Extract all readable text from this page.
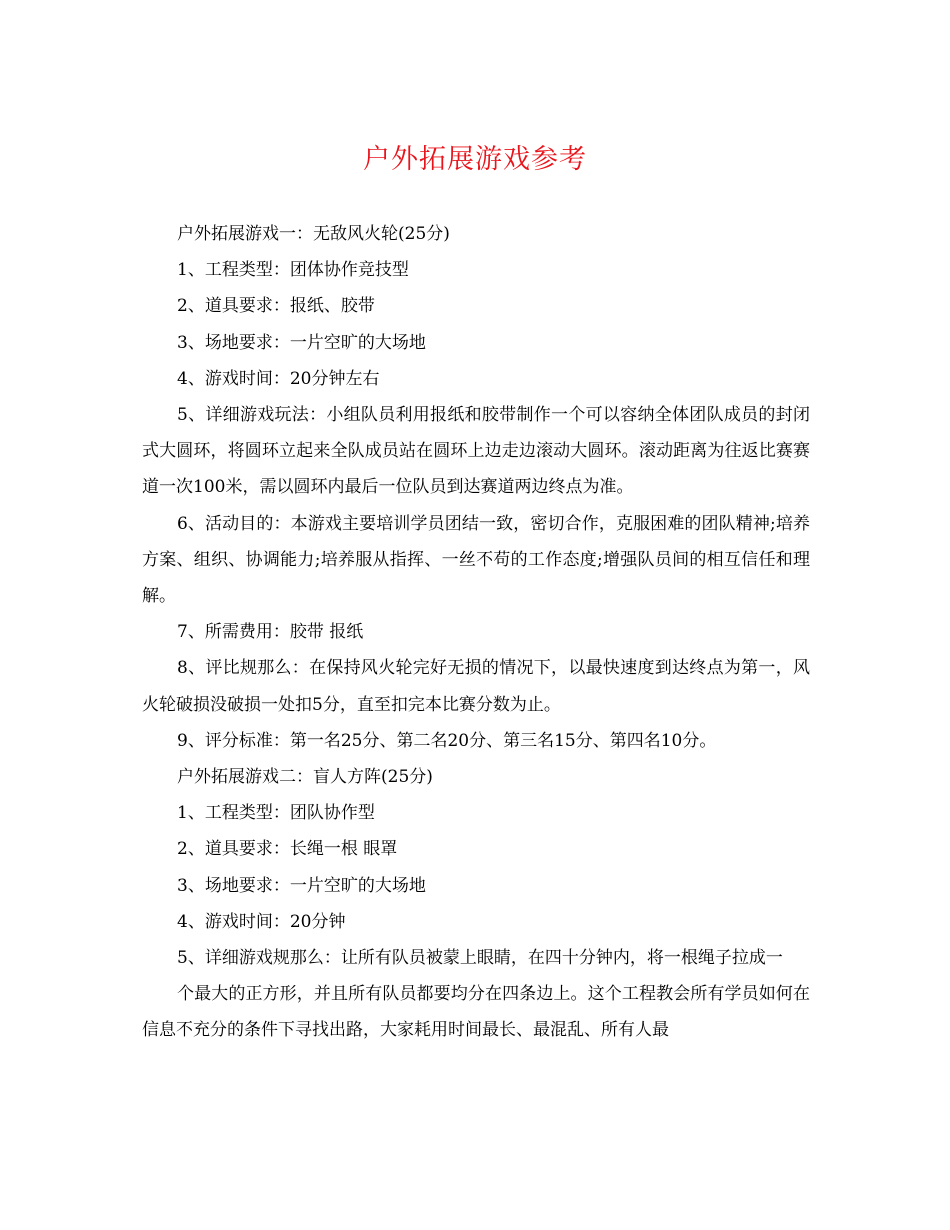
户外拓展游戏参考

户外拓展游戏一：无敌风火轮(25分)

1、工程类型：团体协作竞技型

2、道具要求：报纸、胶带

3、场地要求：一片空旷的大场地

4、游戏时间：20分钟左右

5、详细游戏玩法：小组队员利用报纸和胶带制作一个可以容纳全体团队成员的封闭式大圆环，将圆环立起来全队成员站在圆环上边走边滚动大圆环。滚动距离为往返比赛赛道一次100米，需以圆环内最后一位队员到达赛道两边终点为准。

6、活动目的：本游戏主要培训学员团结一致，密切合作，克服困难的团队精神;培养方案、组织、协调能力;培养服从指挥、一丝不苟的工作态度;增强队员间的相互信任和理解。

7、所需费用：胶带 报纸

8、评比规那么：在保持风火轮完好无损的情况下，以最快速度到达终点为第一，风火轮破损没破损一处扣5分，直至扣完本比赛分数为止。

9、评分标准：第一名25分、第二名20分、第三名15分、第四名10分。

户外拓展游戏二：盲人方阵(25分)

1、工程类型：团队协作型

2、道具要求：长绳一根 眼罩

3、场地要求：一片空旷的大场地

4、游戏时间：20分钟

5、详细游戏规那么：让所有队员被蒙上眼睛，在四十分钟内，将一根绳子拉成一

个最大的正方形，并且所有队员都要均分在四条边上。这个工程教会所有学员如何在信息不充分的条件下寻找出路，大家耗用时间最长、最混乱、所有人最
